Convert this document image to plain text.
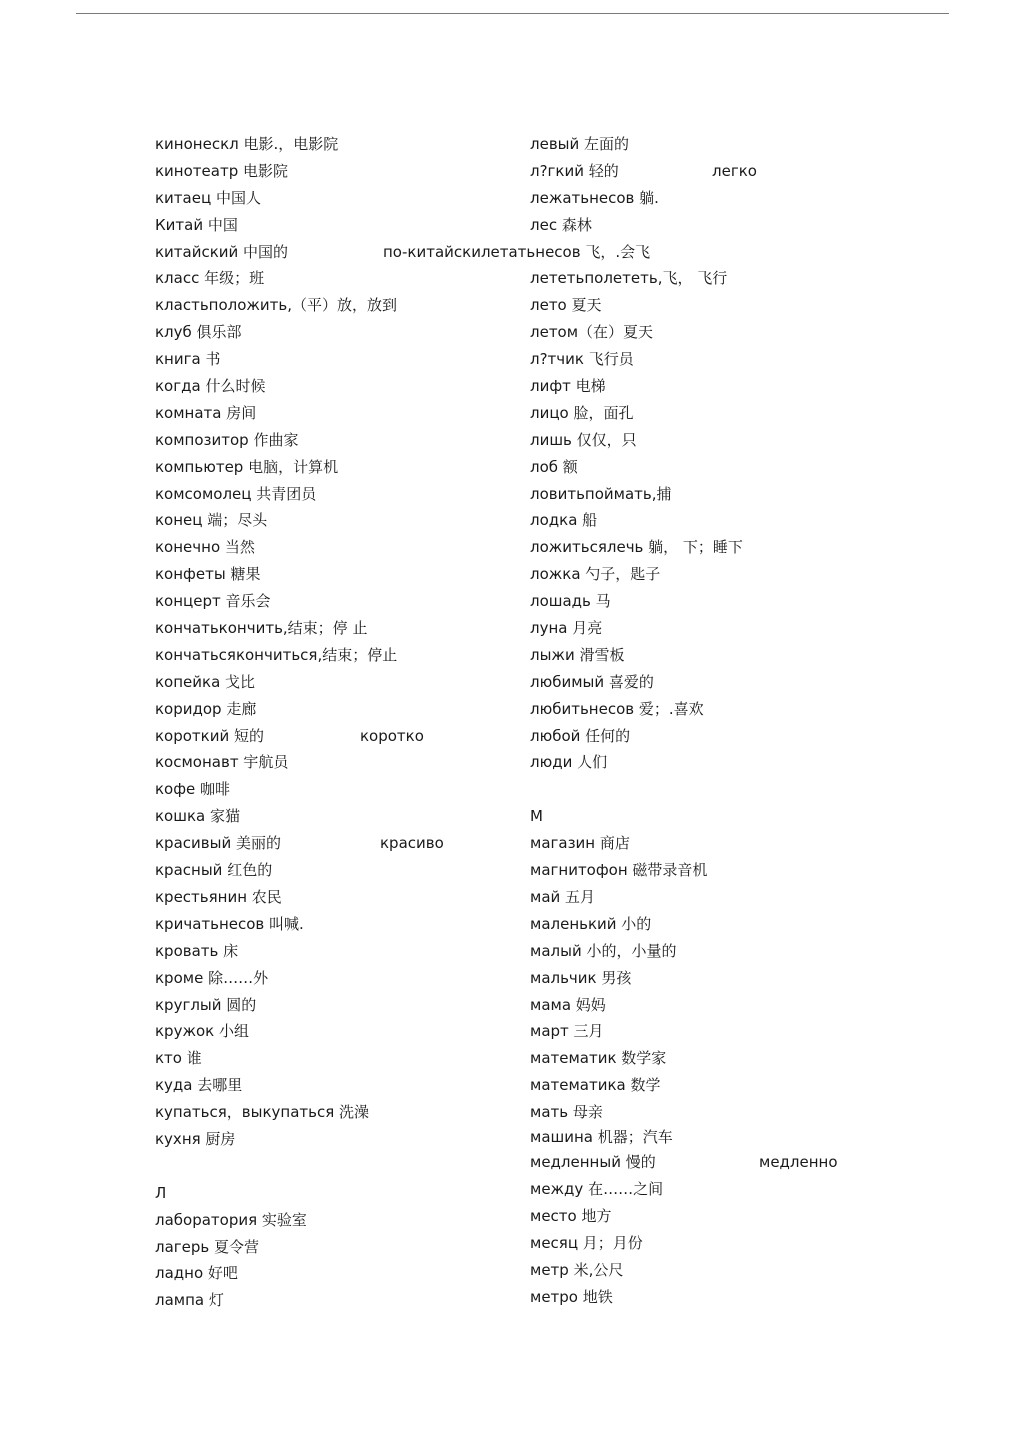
кинонескл 电影.，电影院
кинотеатр 电影院
китаец 中国人
Китай 中国
китайский 中国的	по-китайскилетатьнесов 飞，.会飞
класс 年级；班
кластьположить,（平）放，放到
клуб 俱乐部
книга 书
когда 什么时候
комната 房间
композитор 作曲家
компьютер 电脑，计算机
комсомолец 共青团员
конец 端；尽头
конечно 当然
конфеты 糖果
концерт 音乐会
кончатькончить,结束；停 止
кончатьсякончиться,结束；停止
копейка 戈比
коридор 走廊
короткий 短的	коротко
космонавт 宇航员
кофе 咖啡
кошка 家猫
красивый 美丽的	красиво
красный 红色的
крестьянин 农民
кричатьнесов 叫喊.
кровать 床
кроме 除……外
круглый 圆的
кружок 小组
кто 谁
куда 去哪里
купаться，выкупаться 洗澡
кухня 厨房
Л
лаборатория 实验室
лагерь 夏令营
ладно 好吧
лампа 灯
левый 左面的
л?гкий 轻的	легко
лежатьнесов 躺.
лес 森林
лететьполететь,飞， 飞行
лето 夏天
летом（在）夏天
л?тчик 飞行员
лифт 电梯
лицо 脸，面孔
лишь 仅仅，只
лоб 额
ловитьпоймать,捕
лодка 船
ложитьсялечь 躺， 下；睡下
ложка 勺子，匙子
лошадь 马
луна 月亮
лыжи 滑雪板
любимый 喜爱的
любитьнесов 爱；.喜欢
любой 任何的
люди 人们
М
магазин 商店
магнитофон 磁带录音机
май 五月
маленький 小的
малый 小的，小量的
мальчик 男孩
мама 妈妈
март 三月
математик 数学家
математика 数学
мать 母亲
машина 机器；汽车
медленный 慢的	медленно
между 在……之间
место 地方
месяц 月；月份
метр 米,公尺
метро 地铁
